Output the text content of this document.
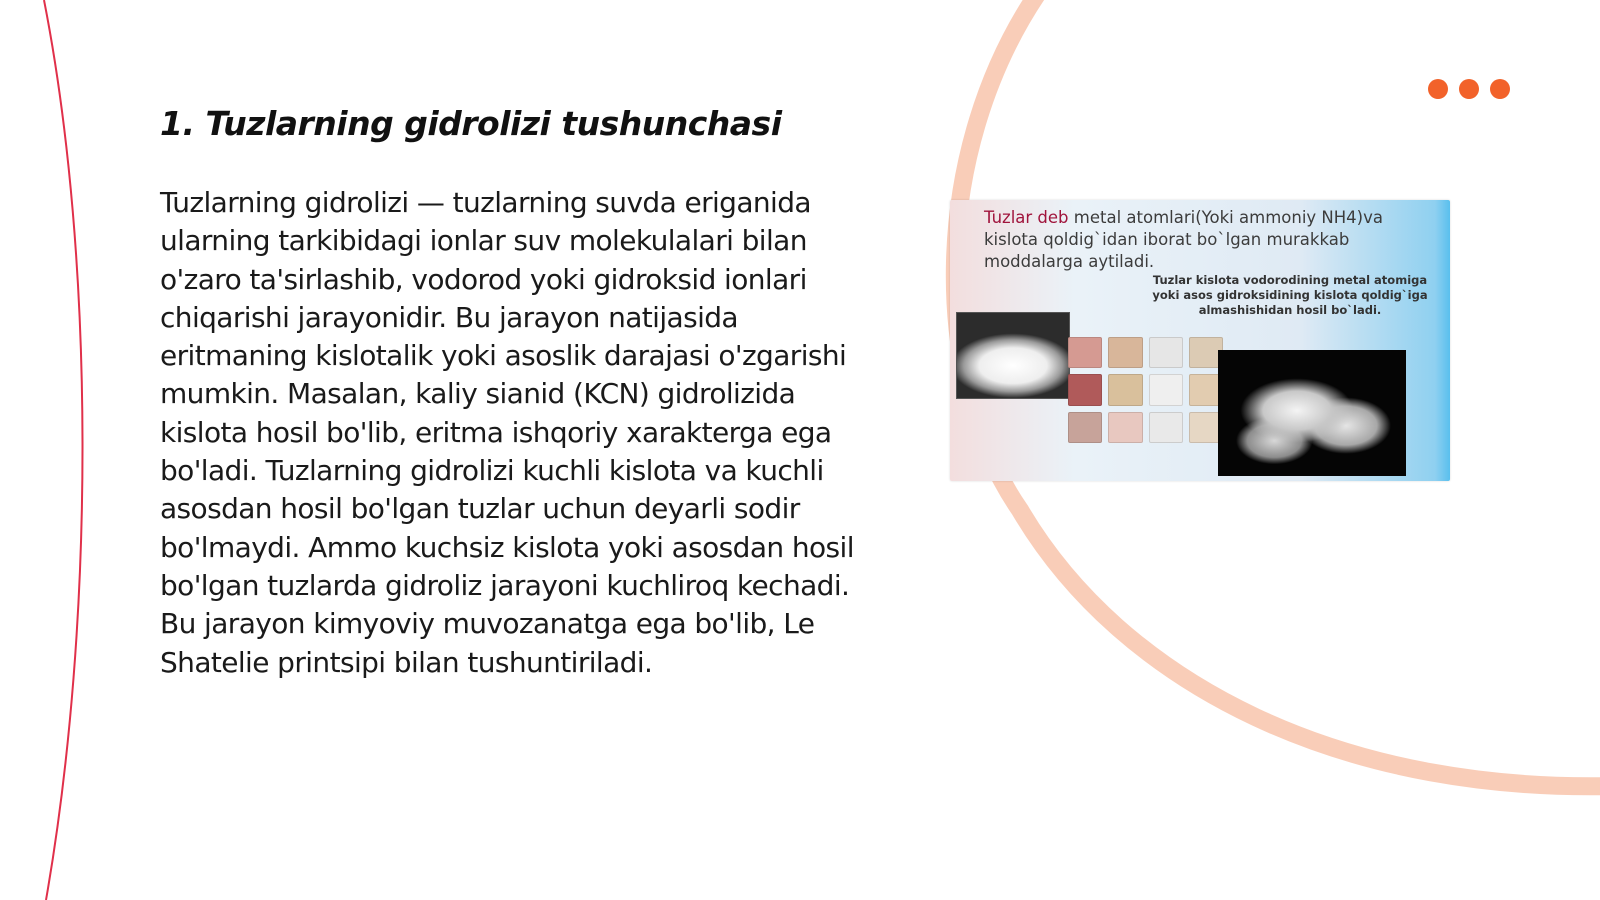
1. Tuzlarning gidrolizi tushunchasi

Tuzlarning gidrolizi — tuzlarning suvda eriganida ularning tarkibidagi ionlar suv molekulalari bilan o'zaro ta'sirlashib, vodorod yoki gidroksid ionlari chiqarishi jarayonidir. Bu jarayon natijasida eritmaning kislotalik yoki asoslik darajasi o'zgarishi mumkin. Masalan, kaliy sianid (KCN) gidrolizida kislota hosil bo'lib, eritma ishqoriy xarakterga ega bo'ladi. Tuzlarning gidrolizi kuchli kislota va kuchli asosdan hosil bo'lgan tuzlar uchun deyarli sodir bo'lmaydi. Ammo kuchsiz kislota yoki asosdan hosil bo'lgan tuzlarda gidroliz jarayoni kuchliroq kechadi. Bu jarayon kimyoviy muvozanatga ega bo'lib, Le Shatelie printsipi bilan tushuntiriladi.

Tuzlar deb metal atomlari(Yoki ammoniy NH4)va kislota qoldig`idan iborat bo`lgan murakkab moddalarga aytiladi.

Tuzlar kislota vodorodining metal atomiga yoki asos gidroksidining kislota qoldig`iga almashishidan hosil bo`ladi.
